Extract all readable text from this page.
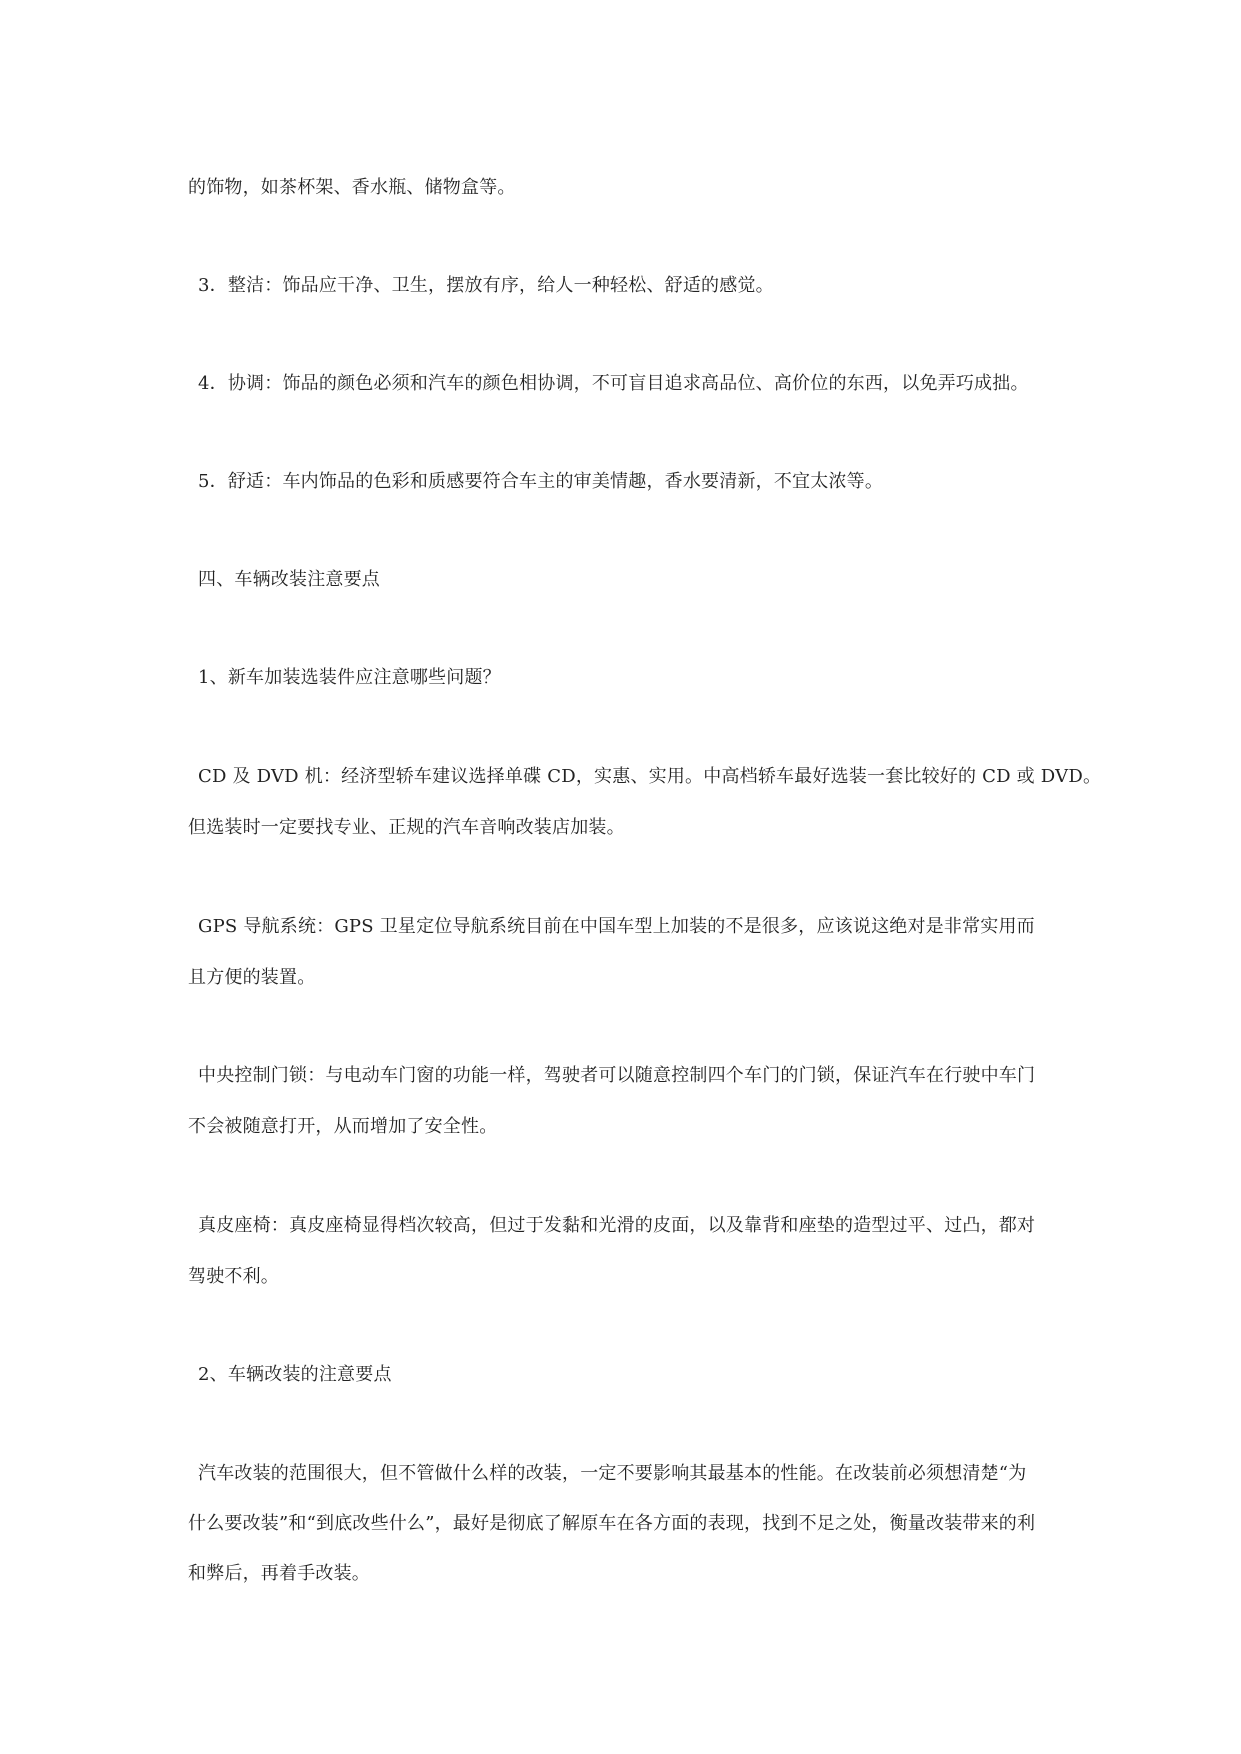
的饰物，如茶杯架、香水瓶、储物盒等。
3．整洁：饰品应干净、卫生，摆放有序，给人一种轻松、舒适的感觉。
4．协调：饰品的颜色必须和汽车的颜色相协调，不可盲目追求高品位、高价位的东西，以免弄巧成拙。
5．舒适：车内饰品的色彩和质感要符合车主的审美情趣，香水要清新，不宜太浓等。
四、车辆改装注意要点
1、新车加装选装件应注意哪些问题？
CD 及 DVD 机：经济型轿车建议选择单碟 CD，实惠、实用。中高档轿车最好选装一套比较好的 CD 或 DVD。
但选装时一定要找专业、正规的汽车音响改装店加装。
GPS 导航系统：GPS 卫星定位导航系统目前在中国车型上加装的不是很多，应该说这绝对是非常实用而
且方便的装置。
中央控制门锁：与电动车门窗的功能一样，驾驶者可以随意控制四个车门的门锁，保证汽车在行驶中车门
不会被随意打开，从而增加了安全性。
真皮座椅：真皮座椅显得档次较高，但过于发黏和光滑的皮面，以及靠背和座垫的造型过平、过凸，都对
驾驶不利。
2、车辆改装的注意要点
汽车改装的范围很大，但不管做什么样的改装，一定不要影响其最基本的性能。在改装前必须想清楚“为
什么要改装”和“到底改些什么”，最好是彻底了解原车在各方面的表现，找到不足之处，衡量改装带来的利
和弊后，再着手改装。
